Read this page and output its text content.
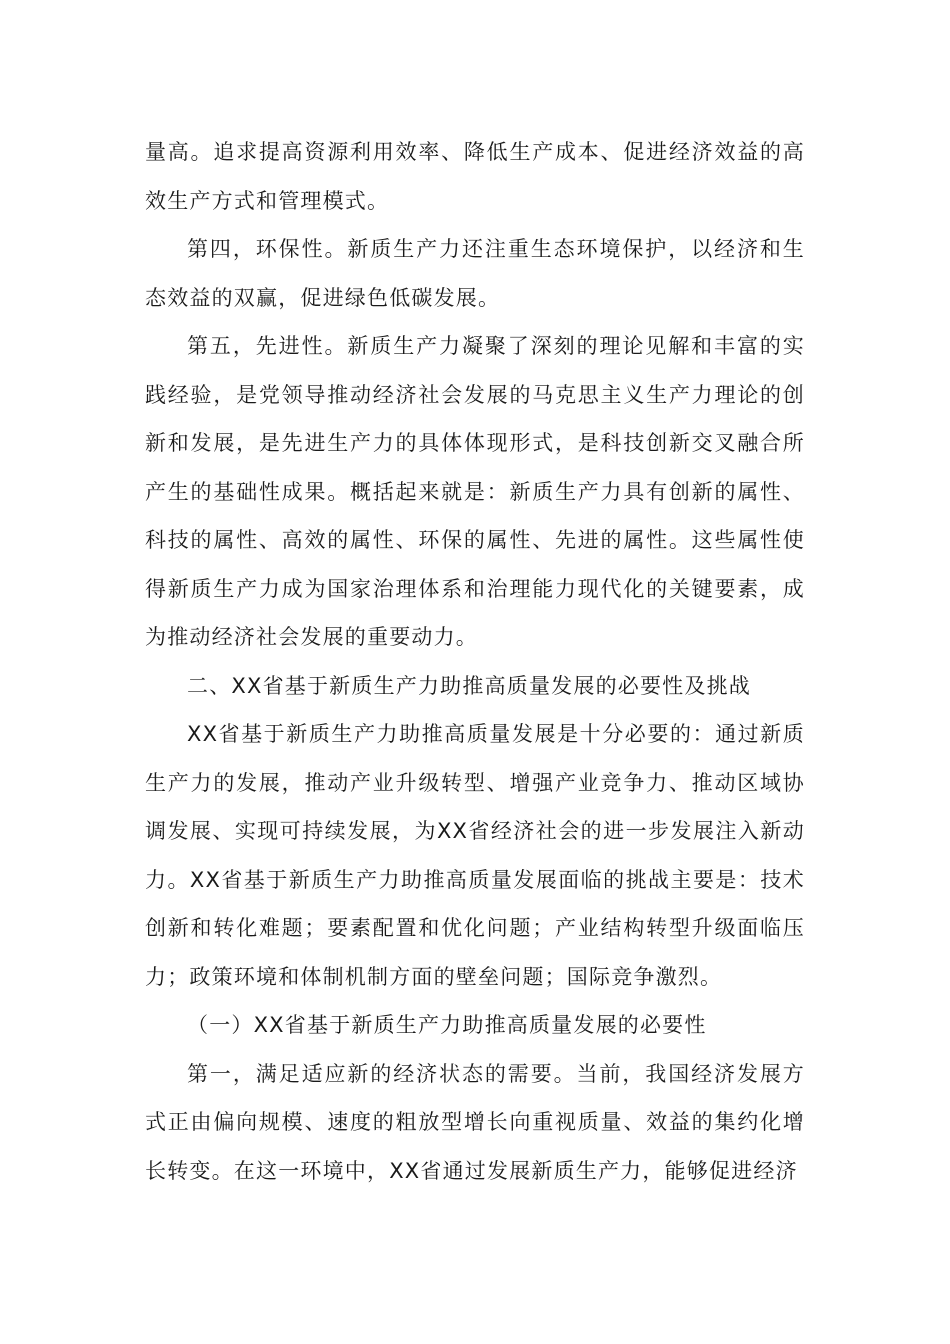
量高。追求提高资源利用效率、降低生产成本、促进经济效益的高效生产方式和管理模式。

第四，环保性。新质生产力还注重生态环境保护，以经济和生态效益的双赢，促进绿色低碳发展。

第五，先进性。新质生产力凝聚了深刻的理论见解和丰富的实践经验，是党领导推动经济社会发展的马克思主义生产力理论的创新和发展，是先进生产力的具体体现形式，是科技创新交叉融合所产生的基础性成果。概括起来就是：新质生产力具有创新的属性、科技的属性、高效的属性、环保的属性、先进的属性。这些属性使得新质生产力成为国家治理体系和治理能力现代化的关键要素，成为推动经济社会发展的重要动力。

二、XX省基于新质生产力助推高质量发展的必要性及挑战

XX省基于新质生产力助推高质量发展是十分必要的：通过新质生产力的发展，推动产业升级转型、增强产业竞争力、推动区域协调发展、实现可持续发展，为XX省经济社会的进一步发展注入新动力。XX省基于新质生产力助推高质量发展面临的挑战主要是：技术创新和转化难题；要素配置和优化问题；产业结构转型升级面临压力；政策环境和体制机制方面的壁垒问题；国际竞争激烈。

（一）XX省基于新质生产力助推高质量发展的必要性

第一，满足适应新的经济状态的需要。当前，我国经济发展方式正由偏向规模、速度的粗放型增长向重视质量、效益的集约化增长转变。在这一环境中，XX省通过发展新质生产力，能够促进经济
